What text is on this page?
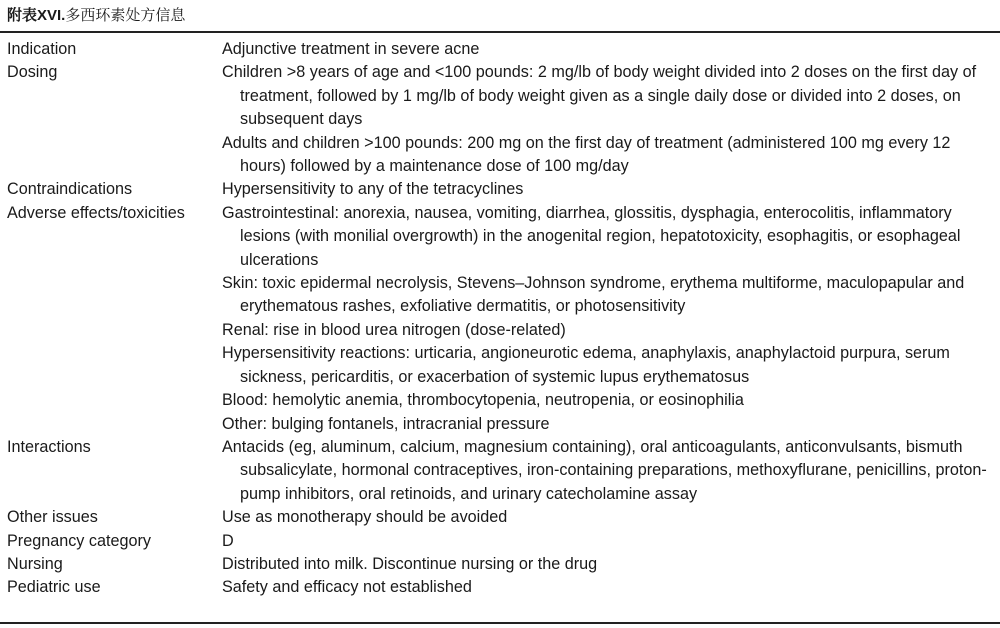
附表XVI.多西环素处方信息
Indication	Adjunctive treatment in severe acne
Dosing	Children >8 years of age and <100 pounds: 2 mg/lb of body weight divided into 2 doses on the first day of treatment, followed by 1 mg/lb of body weight given as a single daily dose or divided into 2 doses, on subsequent days
Adults and children >100 pounds: 200 mg on the first day of treatment (administered 100 mg every 12 hours) followed by a maintenance dose of 100 mg/day
Contraindications	Hypersensitivity to any of the tetracyclines
Adverse effects/toxicities	Gastrointestinal: anorexia, nausea, vomiting, diarrhea, glossitis, dysphagia, enterocolitis, inflammatory lesions (with monilial overgrowth) in the anogenital region, hepatotoxicity, esophagitis, or esophageal ulcerations
Skin: toxic epidermal necrolysis, Stevens–Johnson syndrome, erythema multiforme, maculopapular and erythematous rashes, exfoliative dermatitis, or photosensitivity
Renal: rise in blood urea nitrogen (dose-related)
Hypersensitivity reactions: urticaria, angioneurotic edema, anaphylaxis, anaphylactoid purpura, serum sickness, pericarditis, or exacerbation of systemic lupus erythematosus
Blood: hemolytic anemia, thrombocytopenia, neutropenia, or eosinophilia
Other: bulging fontanels, intracranial pressure
Interactions	Antacids (eg, aluminum, calcium, magnesium containing), oral anticoagulants, anticonvulsants, bismuth subsalicylate, hormonal contraceptives, iron-containing preparations, methoxyflurane, penicillins, proton-pump inhibitors, oral retinoids, and urinary catecholamine assay
Other issues	Use as monotherapy should be avoided
Pregnancy category	D
Nursing	Distributed into milk. Discontinue nursing or the drug
Pediatric use	Safety and efficacy not established
